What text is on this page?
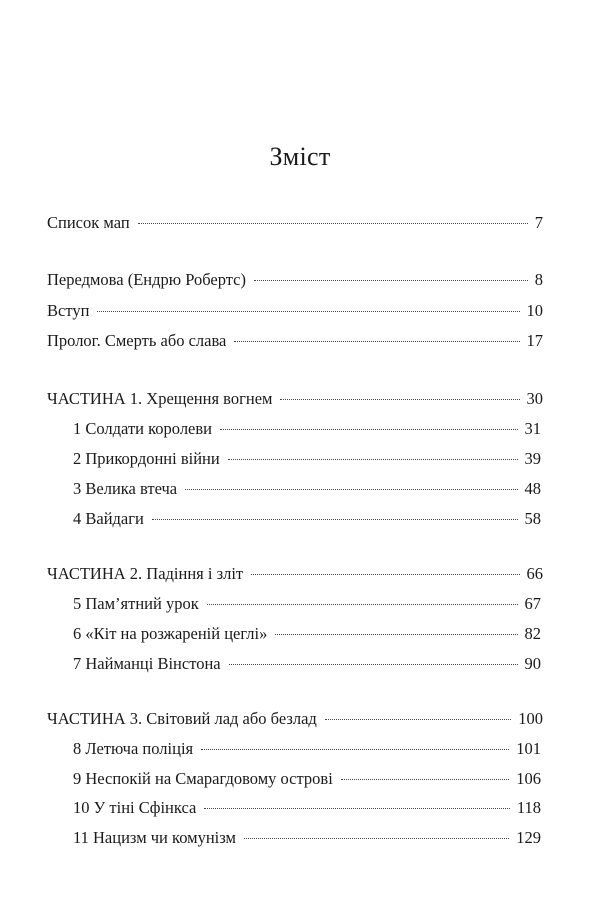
Зміст
Список мап	7
Передмова (Ендрю Робертс)	8
Вступ	10
Пролог. Смерть або слава	17
ЧАСТИНА 1. Хрещення вогнем	30
1 Солдати королеви	31
2 Прикордонні війни	39
3 Велика втеча	48
4 Вайдаги	58
ЧАСТИНА 2. Падіння і зліт	66
5 Пам’ятний урок	67
6 «Кіт на розжареній цеглі»	82
7 Найманці Вінстона	90
ЧАСТИНА 3. Світовий лад або безлад	100
8 Летюча поліція	101
9 Неспокій на Смарагдовому острові	106
10 У тіні Сфінкса	118
11 Нацизм чи комунізм	129
